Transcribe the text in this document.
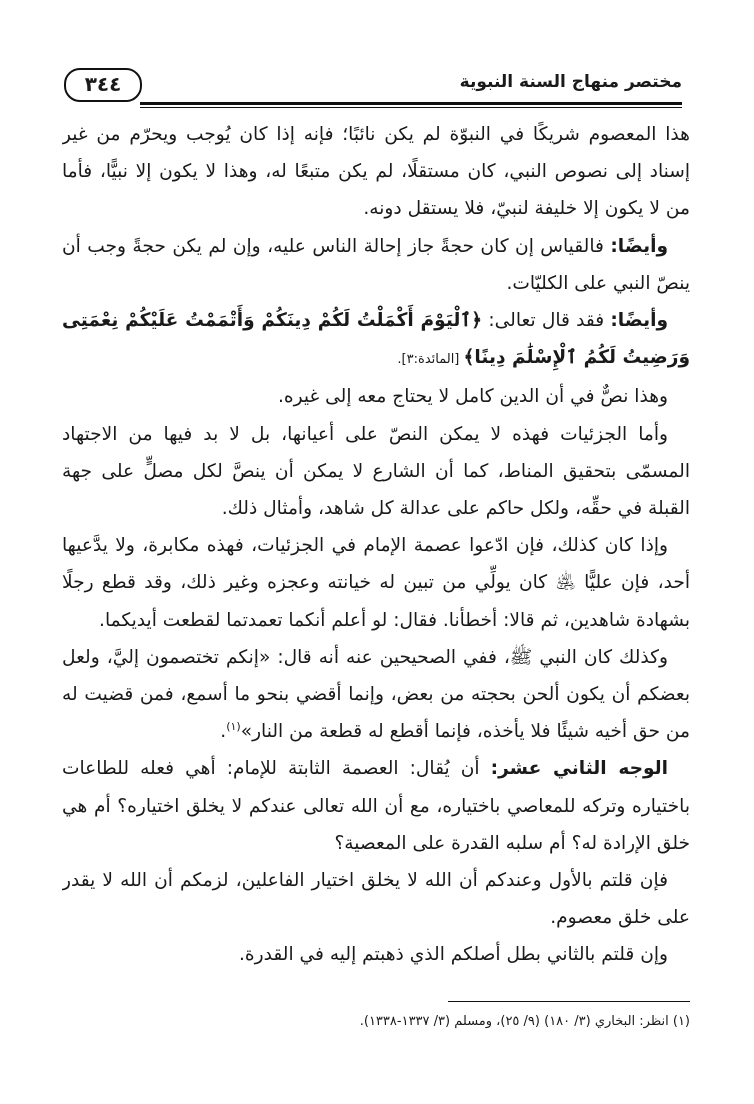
٣٤٤	مختصر منهاج السنة النبوية

هذا المعصوم شريكًا في النبوّة لم يكن نائبًا؛ فإنه إذا كان يُوجب ويحرّم من غير إسناد إلى نصوص النبي، كان مستقلًا، لم يكن متبعًا له، وهذا لا يكون إلا نبيًّا، فأما من لا يكون إلا خليفة لنبيّ، فلا يستقل دونه.

وأيضًا: فالقياس إن كان حجةً جاز إحالة الناس عليه، وإن لم يكن حجةً وجب أن ينصّ النبي على الكليّات.

وأيضًا: فقد قال تعالى: ﴿ٱلْيَوْمَ أَكْمَلْتُ لَكُمْ دِينَكُمْ وَأَتْمَمْتُ عَلَيْكُمْ نِعْمَتِى وَرَضِيتُ لَكُمُ ٱلْإِسْلَٰمَ دِينًا﴾ [المائدة:٣].

وهذا نصٌّ في أن الدين كامل لا يحتاج معه إلى غيره.

وأما الجزئيات فهذه لا يمكن النصّ على أعيانها، بل لا بد فيها من الاجتهاد المسمّى بتحقيق المناط، كما أن الشارع لا يمكن أن ينصَّ لكل مصلٍّ على جهة القبلة في حقِّه، ولكل حاكم على عدالة كل شاهد، وأمثال ذلك.

وإذا كان كذلك، فإن ادّعوا عصمة الإمام في الجزئيات، فهذه مكابرة، ولا يدَّعيها أحد، فإن عليًّا ﵁ كان يولِّي من تبين له خيانته وعجزه وغير ذلك، وقد قطع رجلًا بشهادة شاهدين، ثم قالا: أخطأنا. فقال: لو أعلم أنكما تعمدتما لقطعت أيديكما.

وكذلك كان النبي ﷺ، ففي الصحيحين عنه أنه قال: «إنكم تختصمون إليَّ، ولعل بعضكم أن يكون ألحن بحجته من بعض، وإنما أقضي بنحو ما أسمع، فمن قضيت له من حق أخيه شيئًا فلا يأخذه، فإنما أقطع له قطعة من النار»$^{(١)}$.

الوجه الثاني عشر: أن يُقال: العصمة الثابتة للإمام: أهي فعله للطاعات باختياره وتركه للمعاصي باختياره، مع أن الله تعالى عندكم لا يخلق اختياره؟ أم هي خلق الإرادة له؟ أم سلبه القدرة على المعصية؟

فإن قلتم بالأول وعندكم أن الله لا يخلق اختيار الفاعلين، لزمكم أن الله لا يقدر على خلق معصوم.

وإن قلتم بالثاني بطل أصلكم الذي ذهبتم إليه في القدرة.

(١) انظر: البخاري (٣/ ١٨٠) (٩/ ٢٥)، ومسلم (٣/ ١٣٣٧-١٣٣٨).
